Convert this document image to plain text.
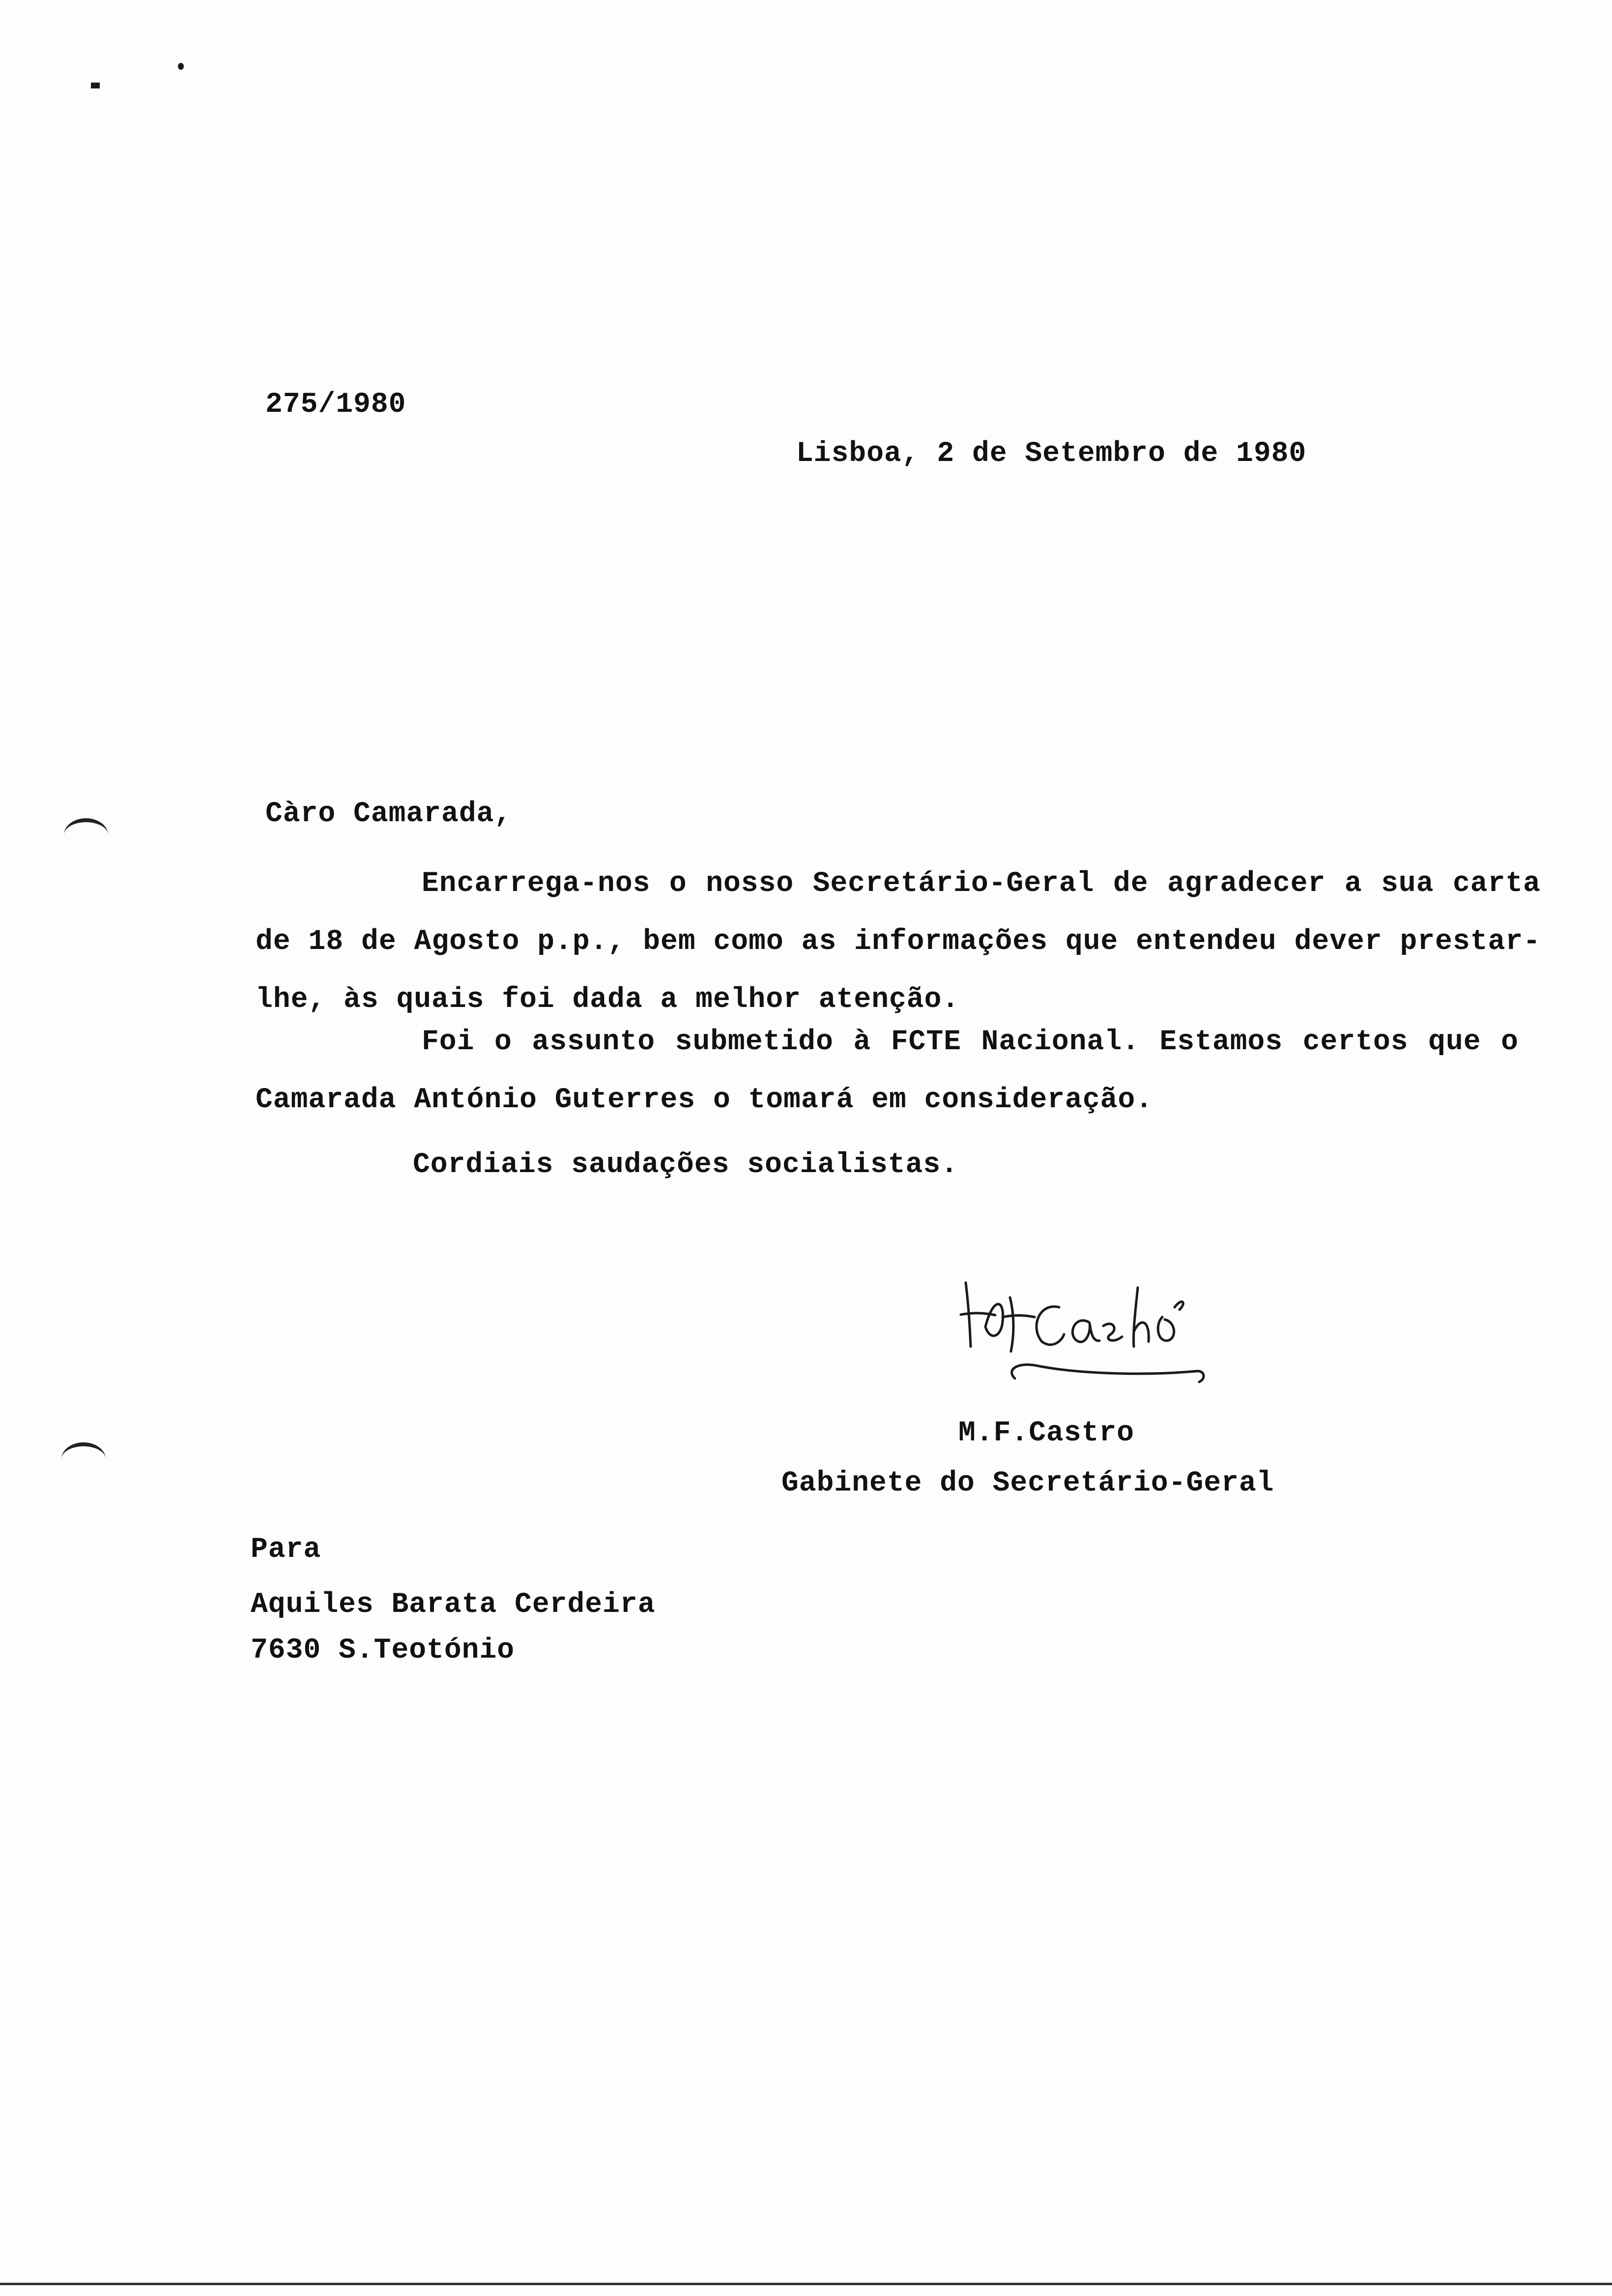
275/1980
Lisboa, 2 de Setembro de 1980
Càro Camarada,
Encarrega-nos o nosso Secretário-Geral de agradecer a sua carta de 18 de Agosto p.p., bem como as informações que entendeu dever prestar-lhe, às quais foi dada a melhor atenção.
Foi o assunto submetido à FCTE Nacional. Estamos certos que o Camarada António Guterres o tomará em consideração.
Cordiais saudações socialistas.
M.F.Castro
Gabinete do Secretário-Geral
Para
Aquiles Barata Cerdeira
7630 S.Teotónio
